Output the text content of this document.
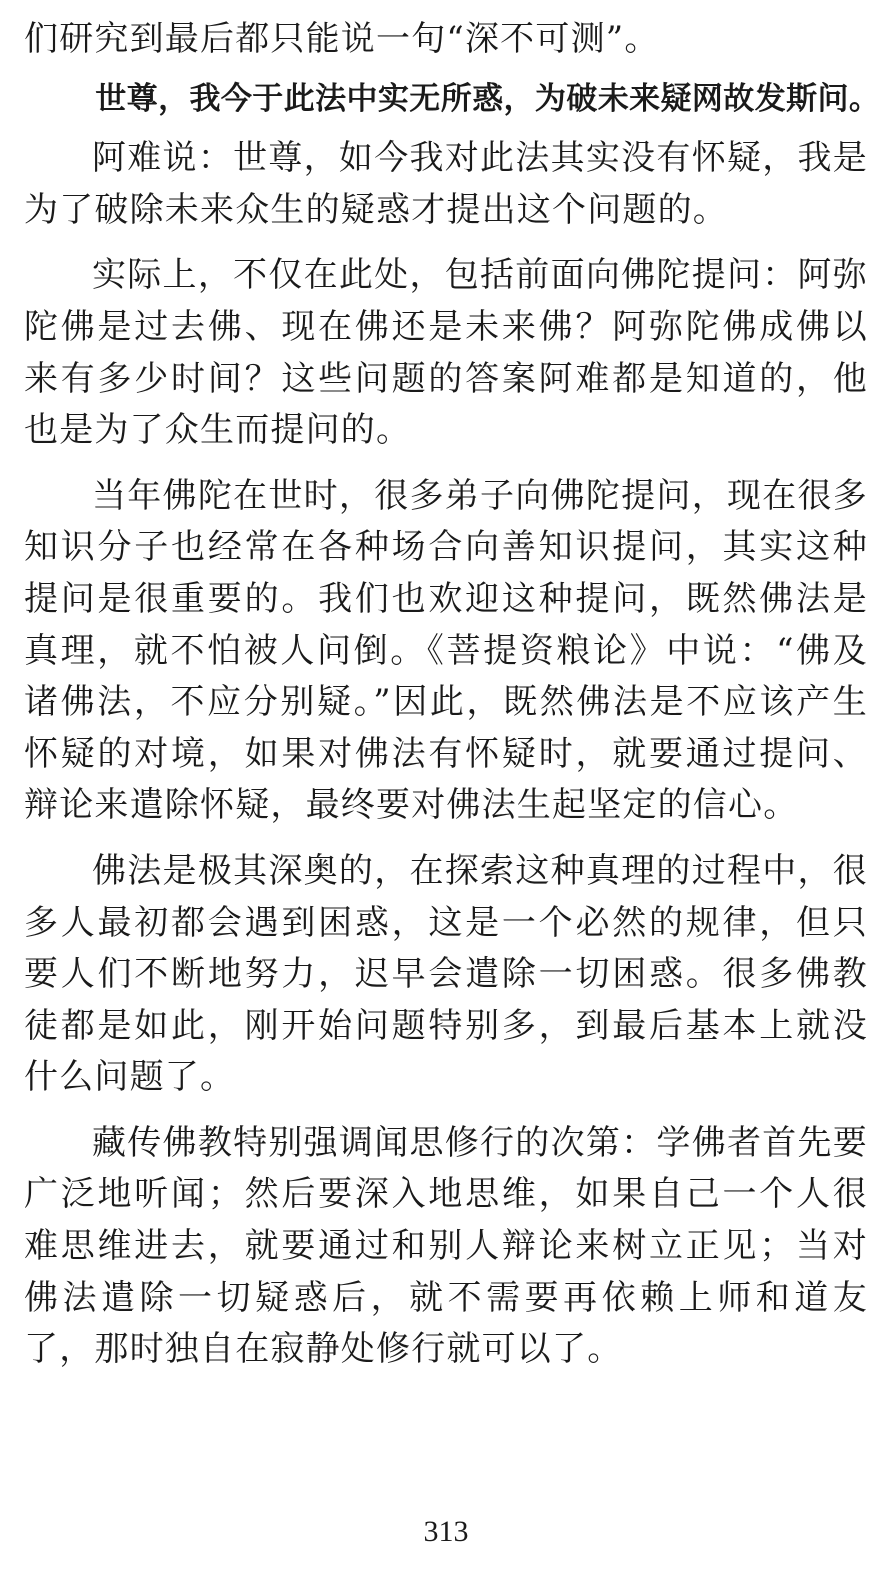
们研究到最后都只能说一句“深不可测”。

世尊，我今于此法中实无所惑，为破未来疑网故发斯问。

阿难说：世尊，如今我对此法其实没有怀疑，我是为了破除未来众生的疑惑才提出这个问题的。

实际上，不仅在此处，包括前面向佛陀提问：阿弥陀佛是过去佛、现在佛还是未来佛？阿弥陀佛成佛以来有多少时间？这些问题的答案阿难都是知道的，他也是为了众生而提问的。

当年佛陀在世时，很多弟子向佛陀提问，现在很多知识分子也经常在各种场合向善知识提问，其实这种提问是很重要的。我们也欢迎这种提问，既然佛法是真理，就不怕被人问倒。《菩提资粮论》中说：“佛及诸佛法，不应分别疑。”因此，既然佛法是不应该产生怀疑的对境，如果对佛法有怀疑时，就要通过提问、辩论来遣除怀疑，最终要对佛法生起坚定的信心。

佛法是极其深奥的，在探索这种真理的过程中，很多人最初都会遇到困惑，这是一个必然的规律，但只要人们不断地努力，迟早会遣除一切困惑。很多佛教徒都是如此，刚开始问题特别多，到最后基本上就没什么问题了。

藏传佛教特别强调闻思修行的次第：学佛者首先要广泛地听闻；然后要深入地思维，如果自己一个人很难思维进去，就要通过和别人辩论来树立正见；当对佛法遣除一切疑惑后，就不需要再依赖上师和道友了，那时独自在寂静处修行就可以了。

313
